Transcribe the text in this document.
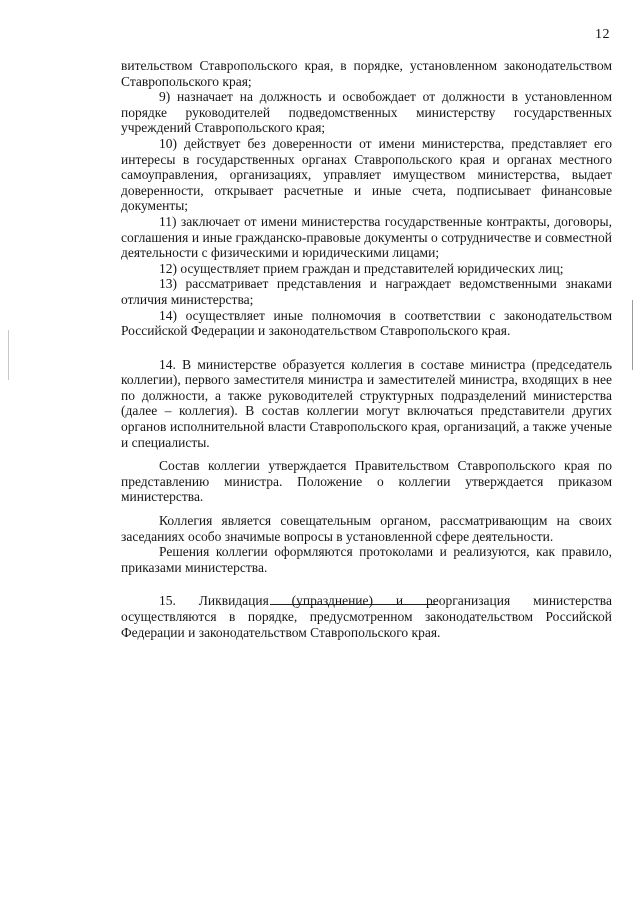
12

вительством Ставропольского края, в порядке, установленном законодательством Ставропольского края;

9) назначает на должность и освобождает от должности в установленном порядке руководителей подведомственных министерству государственных учреждений Ставропольского края;

10) действует без доверенности от имени министерства, представляет его интересы в государственных органах Ставропольского края и органах местного самоуправления, организациях, управляет имуществом министерства, выдает доверенности, открывает расчетные и иные счета, подписывает финансовые документы;

11) заключает от имени министерства государственные контракты, договоры, соглашения и иные гражданско-правовые документы о сотрудничестве и совместной деятельности с физическими и юридическими лицами;

12) осуществляет прием граждан и представителей юридических лиц;

13) рассматривает представления и награждает ведомственными знаками отличия министерства;

14) осуществляет иные полномочия в соответствии с законодательством Российской Федерации и законодательством Ставропольского края.

14. В министерстве образуется коллегия в составе министра (председатель коллегии), первого заместителя министра и заместителей министра, входящих в нее по должности, а также руководителей структурных подразделений министерства (далее – коллегия). В состав коллегии могут включаться представители других органов исполнительной власти Ставропольского края, организаций, а также ученые и специалисты.

Состав коллегии утверждается Правительством Ставропольского края по представлению министра. Положение о коллегии утверждается приказом министерства.

Коллегия является совещательным органом, рассматривающим на своих заседаниях особо значимые вопросы в установленной сфере деятельности.

Решения коллегии оформляются протоколами и реализуются, как правило, приказами министерства.

15. Ликвидация (упразднение) и реорганизация министерства осуществляются в порядке, предусмотренном законодательством Российской Федерации и законодательством Ставропольского края.
